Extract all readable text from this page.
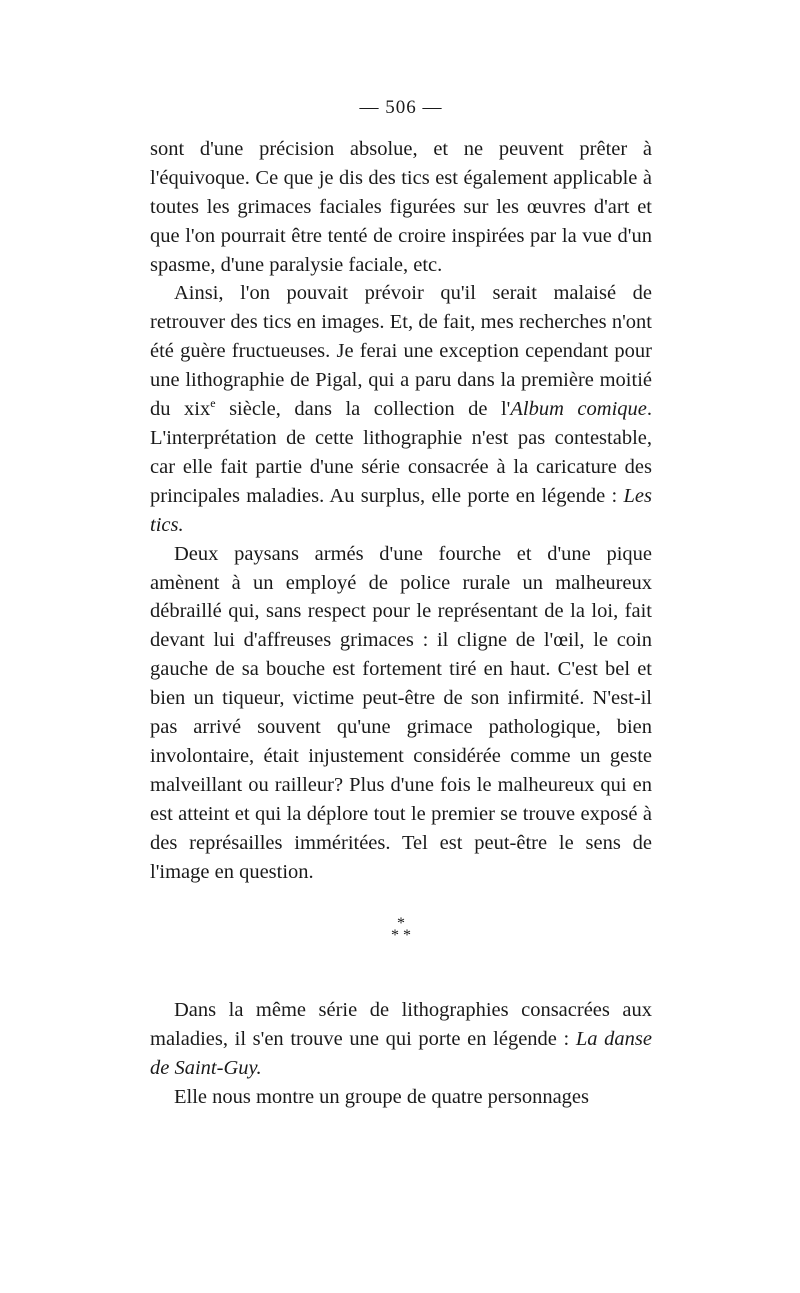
— 506 —

sont d'une précision absolue, et ne peuvent prêter à l'équivoque. Ce que je dis des tics est également applicable à toutes les grimaces faciales figurées sur les œuvres d'art et que l'on pourrait être tenté de croire inspirées par la vue d'un spasme, d'une paralysie faciale, etc.

Ainsi, l'on pouvait prévoir qu'il serait malaisé de retrouver des tics en images. Et, de fait, mes recherches n'ont été guère fructueuses. Je ferai une exception cependant pour une lithographie de Pigal, qui a paru dans la première moitié du xix$^e$ siècle, dans la collection de l'Album comique. L'interprétation de cette lithographie n'est pas contestable, car elle fait partie d'une série consacrée à la caricature des principales maladies. Au surplus, elle porte en légende : Les tics.

Deux paysans armés d'une fourche et d'une pique amènent à un employé de police rurale un malheureux débraillé qui, sans respect pour le représentant de la loi, fait devant lui d'affreuses grimaces : il cligne de l'œil, le coin gauche de sa bouche est fortement tiré en haut. C'est bel et bien un tiqueur, victime peut-être de son infirmité. N'est-il pas arrivé souvent qu'une grimace pathologique, bien involontaire, était injustement considérée comme un geste malveillant ou railleur? Plus d'une fois le malheureux qui en est atteint et qui la déplore tout le premier se trouve exposé à des représailles imméritées. Tel est peut-être le sens de l'image en question.

*
* *

Dans la même série de lithographies consacrées aux maladies, il s'en trouve une qui porte en légende : La danse de Saint-Guy.

Elle nous montre un groupe de quatre personnages
